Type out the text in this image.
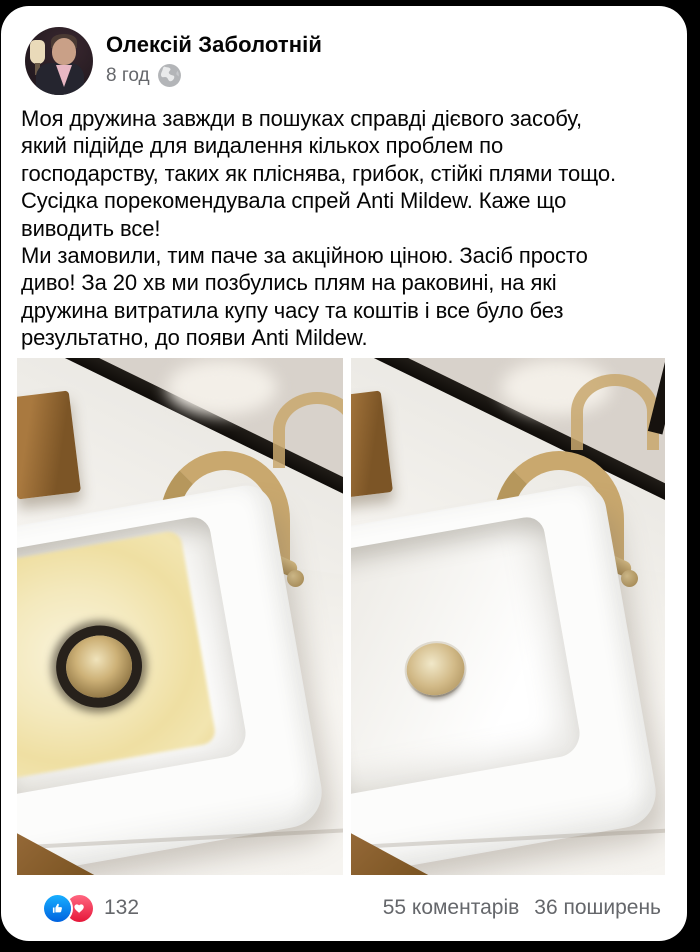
Олексій Заболотній
8 год
Моя дружина завжди в пошуках справді дієвого засобу,
який підійде для видалення кількох проблем по
господарству, таких як пліснява, грибок, стійкі плями тощо.
Сусідка порекомендувала спрей Anti Mildew. Каже що
виводить все!
Ми замовили, тим паче за акційною ціною. Засіб просто
диво! За 20 хв ми позбулись плям на раковині, на які
дружина витратила купу часу та коштів і все було без
результатно, до появи Anti Mildew.
132	55 коментарів 36 поширень
